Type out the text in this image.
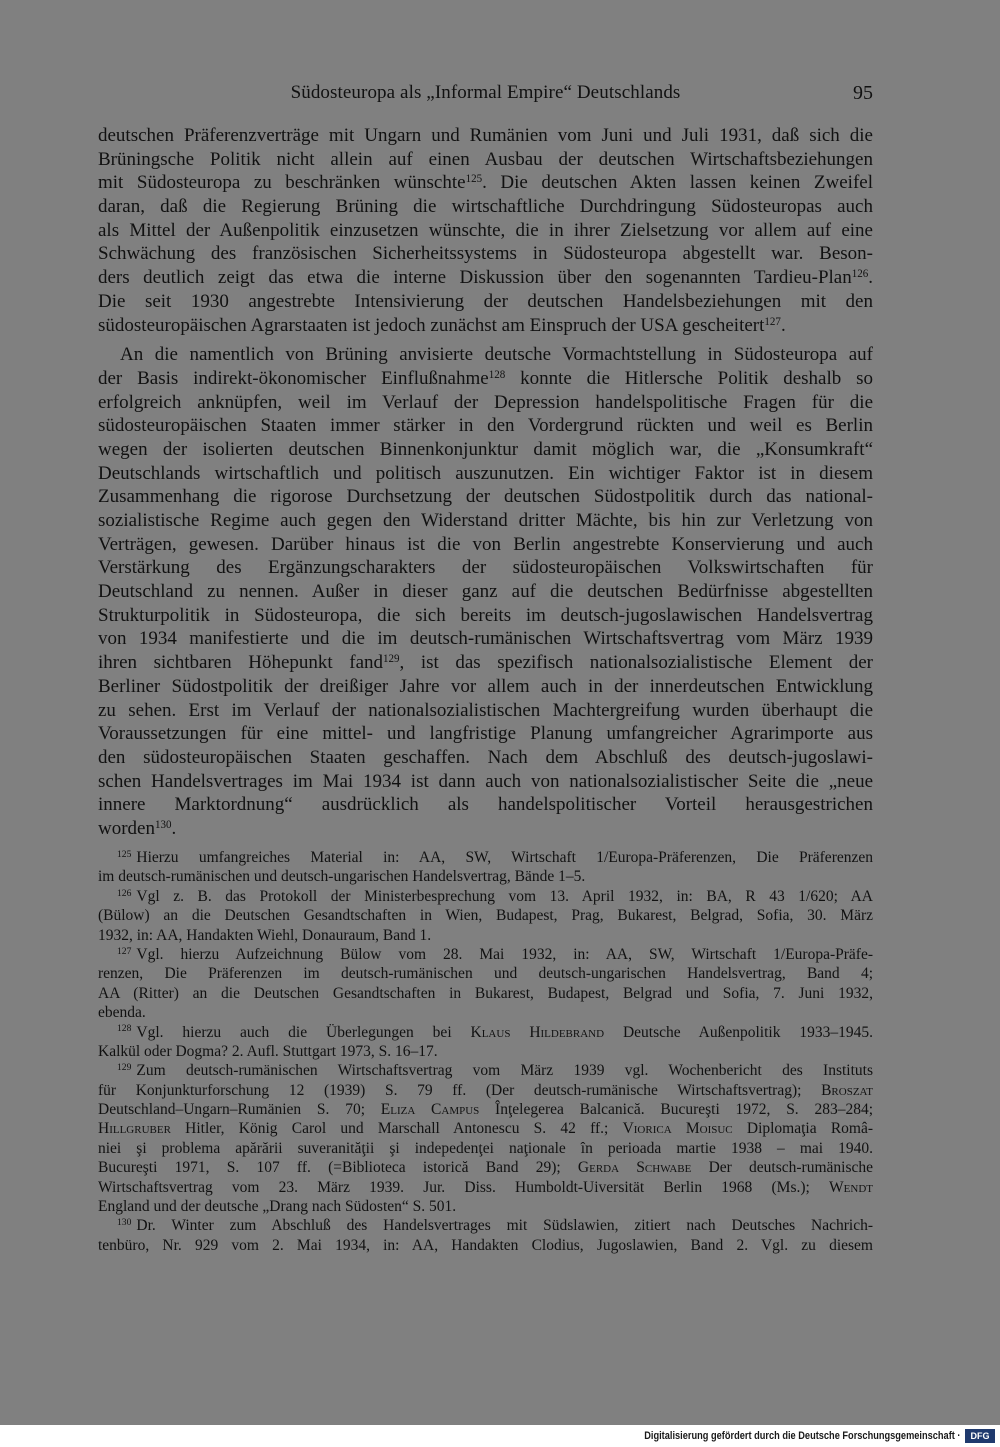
Südosteuropa als „Informal Empire“ Deutschlands	95
deutschen Präferenzverträge mit Ungarn und Rumänien vom Juni und Juli 1931, daß sich die
Brüningsche Politik nicht allein auf einen Ausbau der deutschen Wirtschaftsbeziehungen
mit Südosteuropa zu beschränken wünschte$^{125}$. Die deutschen Akten lassen keinen Zweifel
daran, daß die Regierung Brüning die wirtschaftliche Durchdringung Südosteuropas auch
als Mittel der Außenpolitik einzusetzen wünschte, die in ihrer Zielsetzung vor allem auf eine
Schwächung des französischen Sicherheitssystems in Südosteuropa abgestellt war. Beson-
ders deutlich zeigt das etwa die interne Diskussion über den sogenannten Tardieu-Plan$^{126}$.
Die seit 1930 angestrebte Intensivierung der deutschen Handelsbeziehungen mit den
südosteuropäischen Agrarstaaten ist jedoch zunächst am Einspruch der USA gescheitert$^{127}$.
An die namentlich von Brüning anvisierte deutsche Vormachtstellung in Südosteuropa auf
der Basis indirekt-ökonomischer Einflußnahme$^{128}$ konnte die Hitlersche Politik deshalb so
erfolgreich anknüpfen, weil im Verlauf der Depression handelspolitische Fragen für die
südosteuropäischen Staaten immer stärker in den Vordergrund rückten und weil es Berlin
wegen der isolierten deutschen Binnenkonjunktur damit möglich war, die „Konsumkraft“
Deutschlands wirtschaftlich und politisch auszunutzen. Ein wichtiger Faktor ist in diesem
Zusammenhang die rigorose Durchsetzung der deutschen Südostpolitik durch das national-
sozialistische Regime auch gegen den Widerstand dritter Mächte, bis hin zur Verletzung von
Verträgen, gewesen. Darüber hinaus ist die von Berlin angestrebte Konservierung und auch
Verstärkung des Ergänzungscharakters der südosteuropäischen Volkswirtschaften für
Deutschland zu nennen. Außer in dieser ganz auf die deutschen Bedürfnisse abgestellten
Strukturpolitik in Südosteuropa, die sich bereits im deutsch-jugoslawischen Handelsvertrag
von 1934 manifestierte und die im deutsch-rumänischen Wirtschaftsvertrag vom März 1939
ihren sichtbaren Höhepunkt fand$^{129}$, ist das spezifisch nationalsozialistische Element der
Berliner Südostpolitik der dreißiger Jahre vor allem auch in der innerdeutschen Entwicklung
zu sehen. Erst im Verlauf der nationalsozialistischen Machtergreifung wurden überhaupt die
Voraussetzungen für eine mittel- und langfristige Planung umfangreicher Agrarimporte aus
den südosteuropäischen Staaten geschaffen. Nach dem Abschluß des deutsch-jugoslawi-
schen Handelsvertrages im Mai 1934 ist dann auch von nationalsozialistischer Seite die „neue
innere Marktordnung“ ausdrücklich als handelspolitischer Vorteil herausgestrichen
worden$^{130}$.
$^{125}$ Hierzu umfangreiches Material in: AA, SW, Wirtschaft 1/Europa-Präferenzen, Die Präferenzen
im deutsch-rumänischen und deutsch-ungarischen Handelsvertrag, Bände 1–5.
$^{126}$ Vgl z. B. das Protokoll der Ministerbesprechung vom 13. April 1932, in: BA, R 43 1/620; AA
(Bülow) an die Deutschen Gesandtschaften in Wien, Budapest, Prag, Bukarest, Belgrad, Sofia, 30. März
1932, in: AA, Handakten Wiehl, Donauraum, Band 1.
$^{127}$ Vgl. hierzu Aufzeichnung Bülow vom 28. Mai 1932, in: AA, SW, Wirtschaft 1/Europa-Präfe-
renzen, Die Präferenzen im deutsch-rumänischen und deutsch-ungarischen Handelsvertrag, Band 4;
AA (Ritter) an die Deutschen Gesandtschaften in Bukarest, Budapest, Belgrad und Sofia, 7. Juni 1932,
ebenda.
$^{128}$ Vgl. hierzu auch die Überlegungen bei Klaus Hildebrand Deutsche Außenpolitik 1933–1945.
Kalkül oder Dogma? 2. Aufl. Stuttgart 1973, S. 16–17.
$^{129}$ Zum deutsch-rumänischen Wirtschaftsvertrag vom März 1939 vgl. Wochenbericht des Instituts
für Konjunkturforschung 12 (1939) S. 79 ff. (Der deutsch-rumänische Wirtschaftsvertrag); Broszat
Deutschland–Ungarn–Rumänien S. 70; Eliza Campus Înţelegerea Balcanică. Bucureşti 1972, S. 283–284;
Hillgruber Hitler, König Carol und Marschall Antonescu S. 42 ff.; Viorica Moisuc Diplomaţia Româ-
niei şi problema apărării suveranităţii şi indepedenţei naţionale în perioada martie 1938 – mai 1940.
Bucureşti 1971, S. 107 ff. (=Biblioteca istorică Band 29); Gerda Schwabe Der deutsch-rumänische
Wirtschaftsvertrag vom 23. März 1939. Jur. Diss. Humboldt-Uiversität Berlin 1968 (Ms.); Wendt
England und der deutsche „Drang nach Südosten“ S. 501.
$^{130}$ Dr. Winter zum Abschluß des Handelsvertrages mit Südslawien, zitiert nach Deutsches Nachrich-
tenbüro, Nr. 929 vom 2. Mai 1934, in: AA, Handakten Clodius, Jugoslawien, Band 2. Vgl. zu diesem
Digitalisierung gefördert durch die Deutsche Forschungsgemeinschaft ·	DFG
